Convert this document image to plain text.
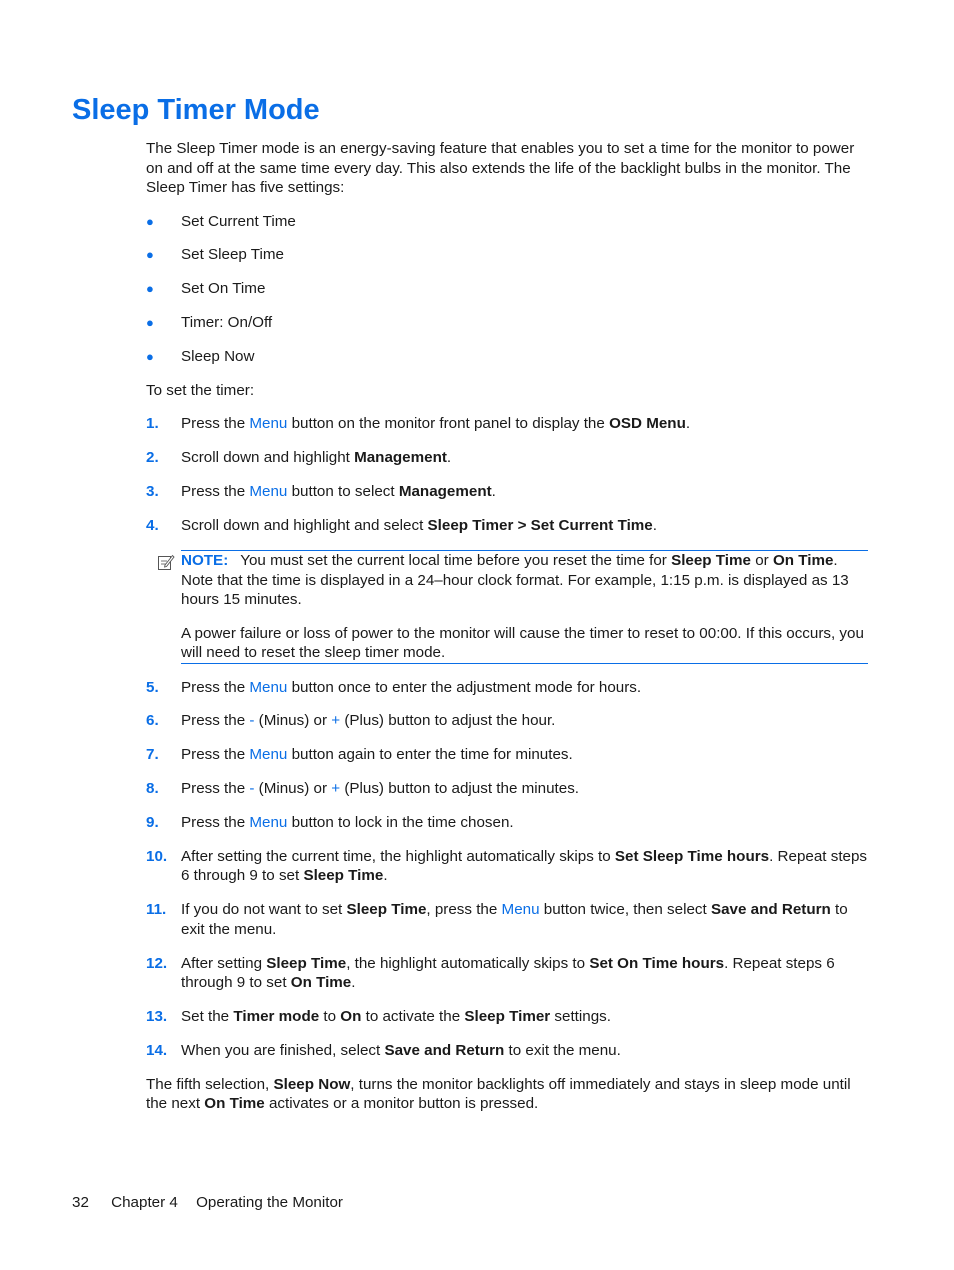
Sleep Timer Mode

The Sleep Timer mode is an energy-saving feature that enables you to set a time for the monitor to power on and off at the same time every day. This also extends the life of the backlight bulbs in the monitor. The Sleep Timer has five settings:

● Set Current Time
● Set Sleep Time
● Set On Time
● Timer: On/Off
● Sleep Now

To set the timer:

1. Press the Menu button on the monitor front panel to display the OSD Menu.
2. Scroll down and highlight Management.
3. Press the Menu button to select Management.
4. Scroll down and highlight and select Sleep Timer > Set Current Time.

NOTE: You must set the current local time before you reset the time for Sleep Time or On Time. Note that the time is displayed in a 24–hour clock format. For example, 1:15 p.m. is displayed as 13 hours 15 minutes.

A power failure or loss of power to the monitor will cause the timer to reset to 00:00. If this occurs, you will need to reset the sleep timer mode.

5. Press the Menu button once to enter the adjustment mode for hours.
6. Press the - (Minus) or + (Plus) button to adjust the hour.
7. Press the Menu button again to enter the time for minutes.
8. Press the - (Minus) or + (Plus) button to adjust the minutes.
9. Press the Menu button to lock in the time chosen.
10. After setting the current time, the highlight automatically skips to Set Sleep Time hours. Repeat steps 6 through 9 to set Sleep Time.
11. If you do not want to set Sleep Time, press the Menu button twice, then select Save and Return to exit the menu.
12. After setting Sleep Time, the highlight automatically skips to Set On Time hours. Repeat steps 6 through 9 to set On Time.
13. Set the Timer mode to On to activate the Sleep Timer settings.
14. When you are finished, select Save and Return to exit the menu.

The fifth selection, Sleep Now, turns the monitor backlights off immediately and stays in sleep mode until the next On Time activates or a monitor button is pressed.

32 Chapter 4 Operating the Monitor
